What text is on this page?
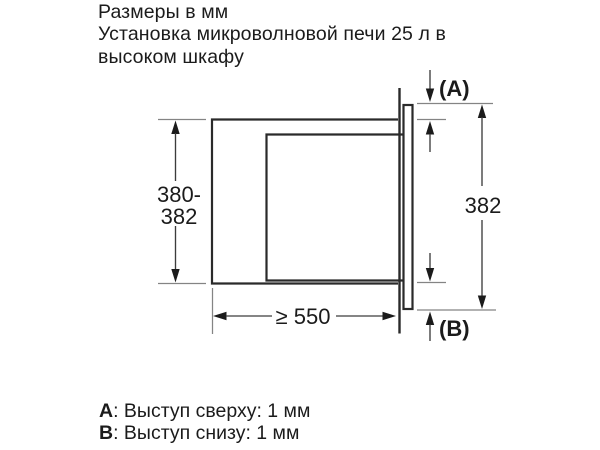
Размеры в мм
Установка микроволновой печи 25 л в
высоком шкафу
380-
382
≥ 550
382
(A)
(B)
A: Выступ сверху: 1 мм
B: Выступ снизу: 1 мм
